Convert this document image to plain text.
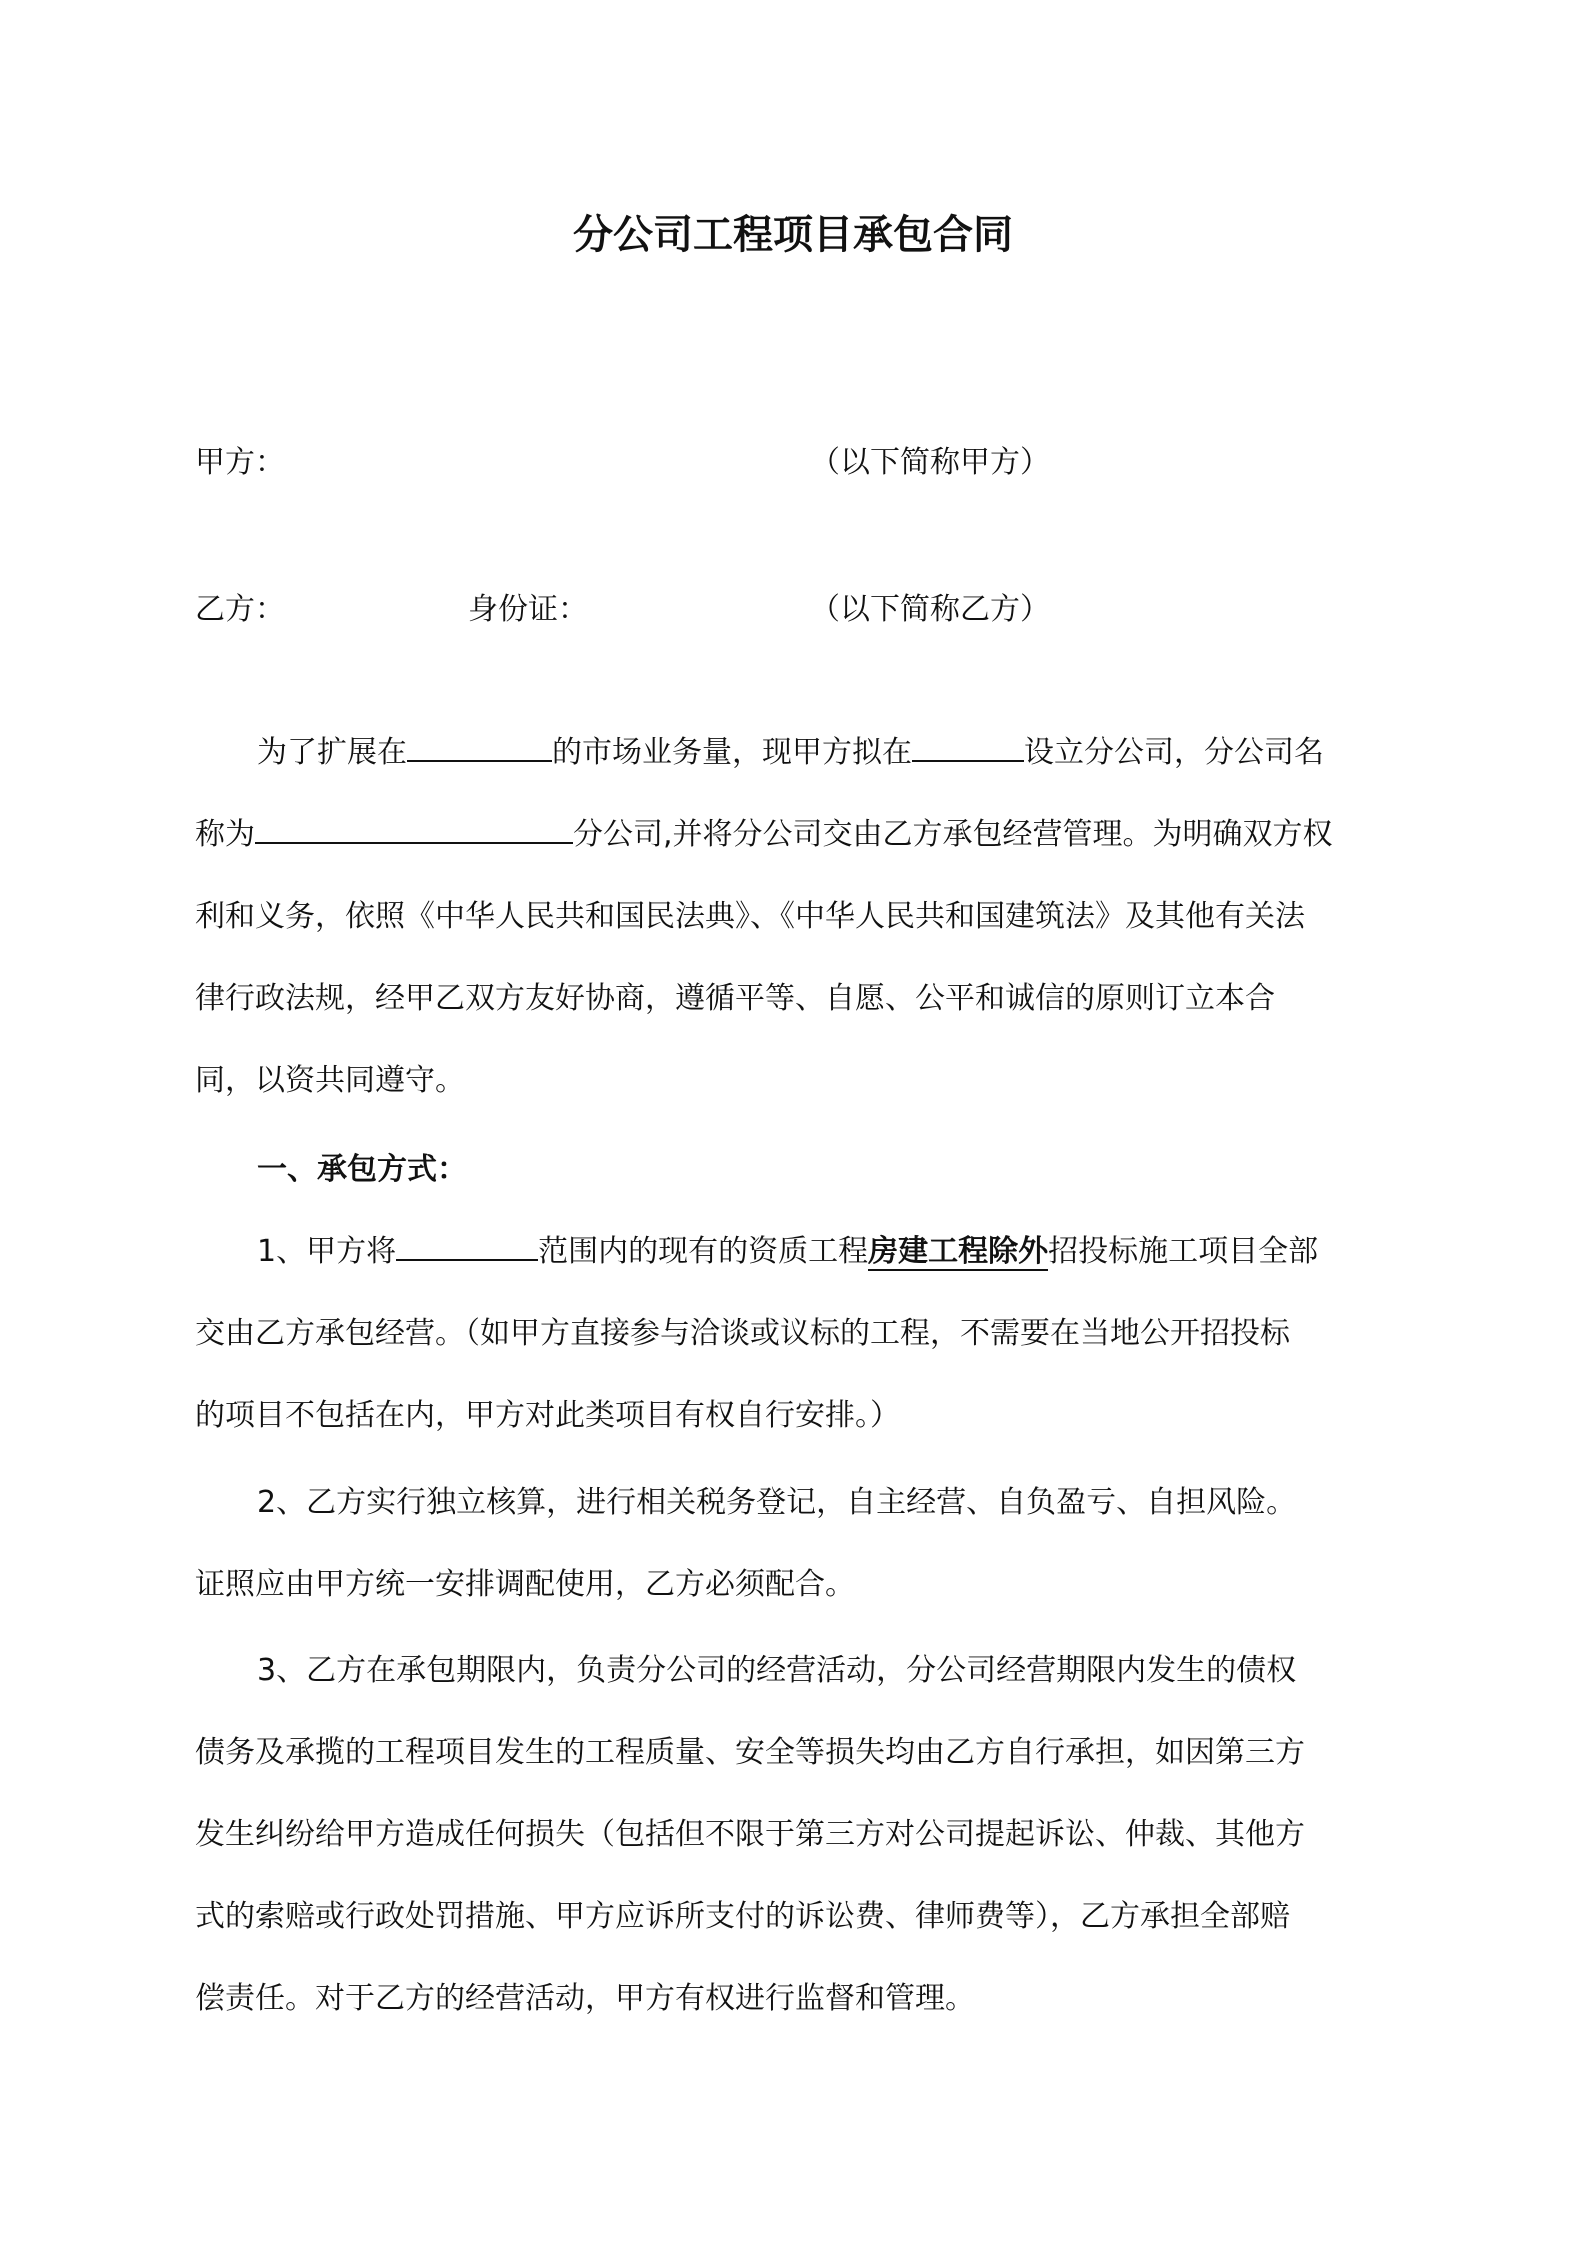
分公司工程项目承包合同
甲方：	（以下简称甲方）
乙方：	身份证：	（以下简称乙方）
为了扩展在	的市场业务量，现甲方拟在	设立分公司，分公司名
称为	分公司,并将分公司交由乙方承包经营管理。为明确双方权
利和义务，依照《中华人民共和国民法典》、《中华人民共和国建筑法》及其他有关法
律行政法规，经甲乙双方友好协商，遵循平等、自愿、公平和诚信的原则订立本合
同，以资共同遵守。
一、承包方式：
1、甲方将	范围内的现有的资质工程房建工程除外招投标施工项目全部
交由乙方承包经营。（如甲方直接参与洽谈或议标的工程，不需要在当地公开招投标
的项目不包括在内，甲方对此类项目有权自行安排。）
2、乙方实行独立核算，进行相关税务登记，自主经营、自负盈亏、自担风险。
证照应由甲方统一安排调配使用，乙方必须配合。
3、乙方在承包期限内，负责分公司的经营活动，分公司经营期限内发生的债权
债务及承揽的工程项目发生的工程质量、安全等损失均由乙方自行承担，如因第三方
发生纠纷给甲方造成任何损失（包括但不限于第三方对公司提起诉讼、仲裁、其他方
式的索赔或行政处罚措施、甲方应诉所支付的诉讼费、律师费等），乙方承担全部赔
偿责任。对于乙方的经营活动，甲方有权进行监督和管理。
